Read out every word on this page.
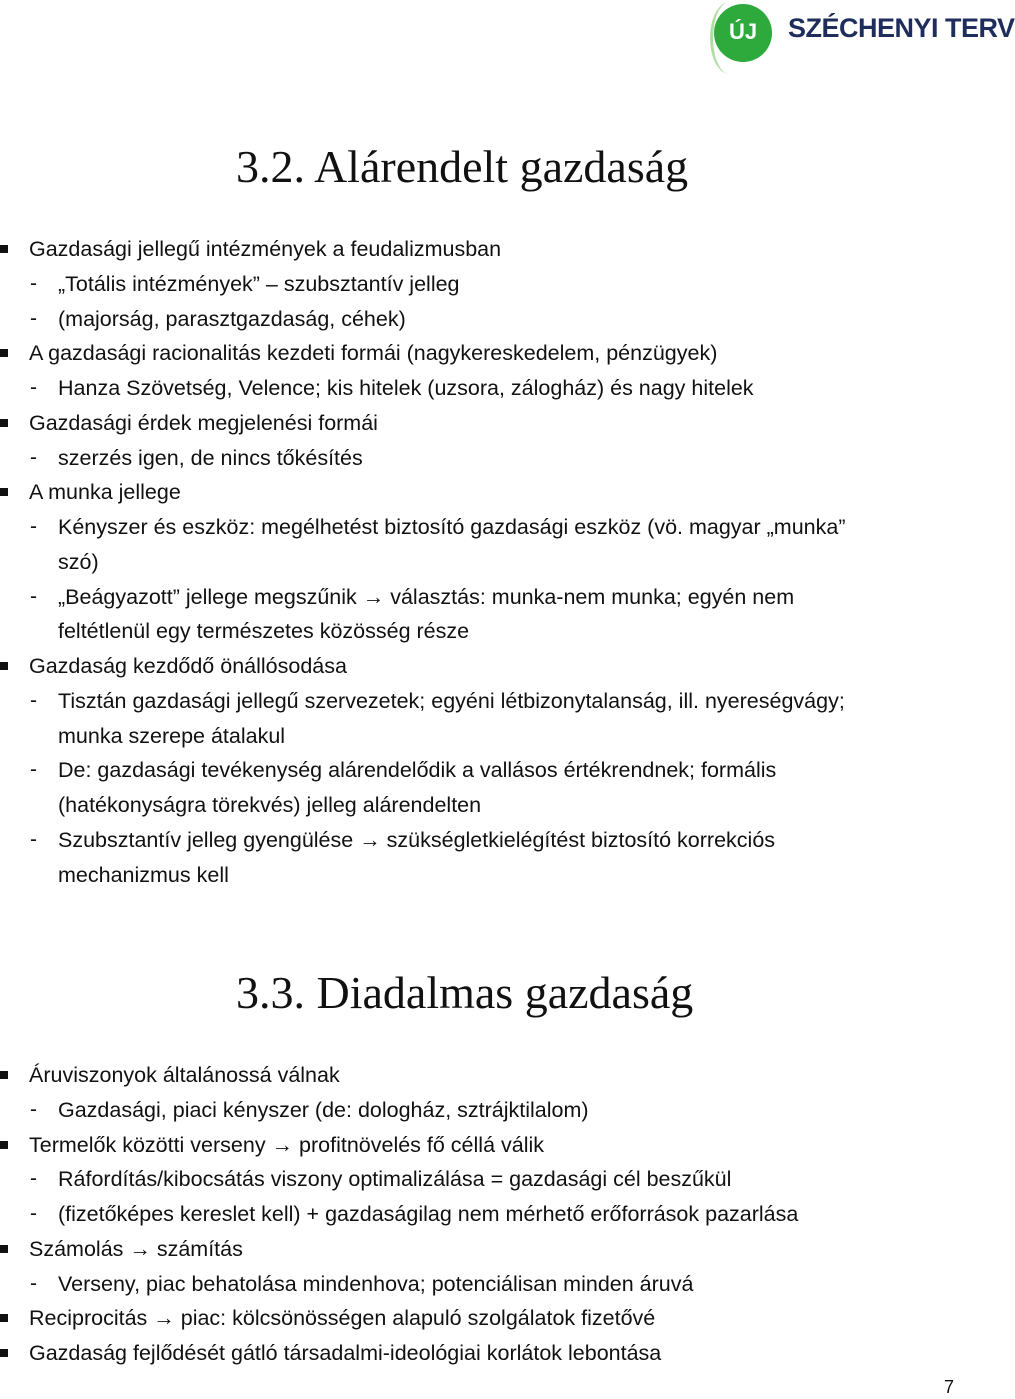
ÚJ	SZÉCHENYI TERV
3.2. Alárendelt gazdaság
Gazdasági jellegű intézmények a feudalizmusban
- „Totális intézmények” – szubsztantív jelleg
- (majorság, parasztgazdaság, céhek)
A gazdasági racionalitás kezdeti formái (nagykereskedelem, pénzügyek)
- Hanza Szövetség, Velence; kis hitelek (uzsora, zálogház) és nagy hitelek
Gazdasági érdek megjelenési formái
- szerzés igen, de nincs tőkésítés
A munka jellege
- Kényszer és eszköz: megélhetést biztosító gazdasági eszköz (vö. magyar „munka”
szó)
- „Beágyazott” jellege megszűnik → választás: munka-nem munka; egyén nem
feltétlenül egy természetes közösség része
Gazdaság kezdődő önállósodása
- Tisztán gazdasági jellegű szervezetek; egyéni létbizonytalanság, ill. nyereségvágy;
munka szerepe átalakul
- De: gazdasági tevékenység alárendelődik a vallásos értékrendnek; formális
(hatékonyságra törekvés) jelleg alárendelten
- Szubsztantív jelleg gyengülése → szükségletkielégítést biztosító korrekciós
mechanizmus kell
3.3. Diadalmas gazdaság
Áruviszonyok általánossá válnak
- Gazdasági, piaci kényszer (de: dologház, sztrájktilalom)
Termelők közötti verseny → profitnövelés fő céllá válik
- Ráfordítás/kibocsátás viszony optimalizálása = gazdasági cél beszűkül
- (fizetőképes kereslet kell) + gazdaságilag nem mérhető erőforrások pazarlása
Számolás → számítás
- Verseny, piac behatolása mindenhova; potenciálisan minden áruvá
Reciprocitás → piac: kölcsönösségen alapuló szolgálatok fizetővé
Gazdaság fejlődését gátló társadalmi-ideológiai korlátok lebontása
7
